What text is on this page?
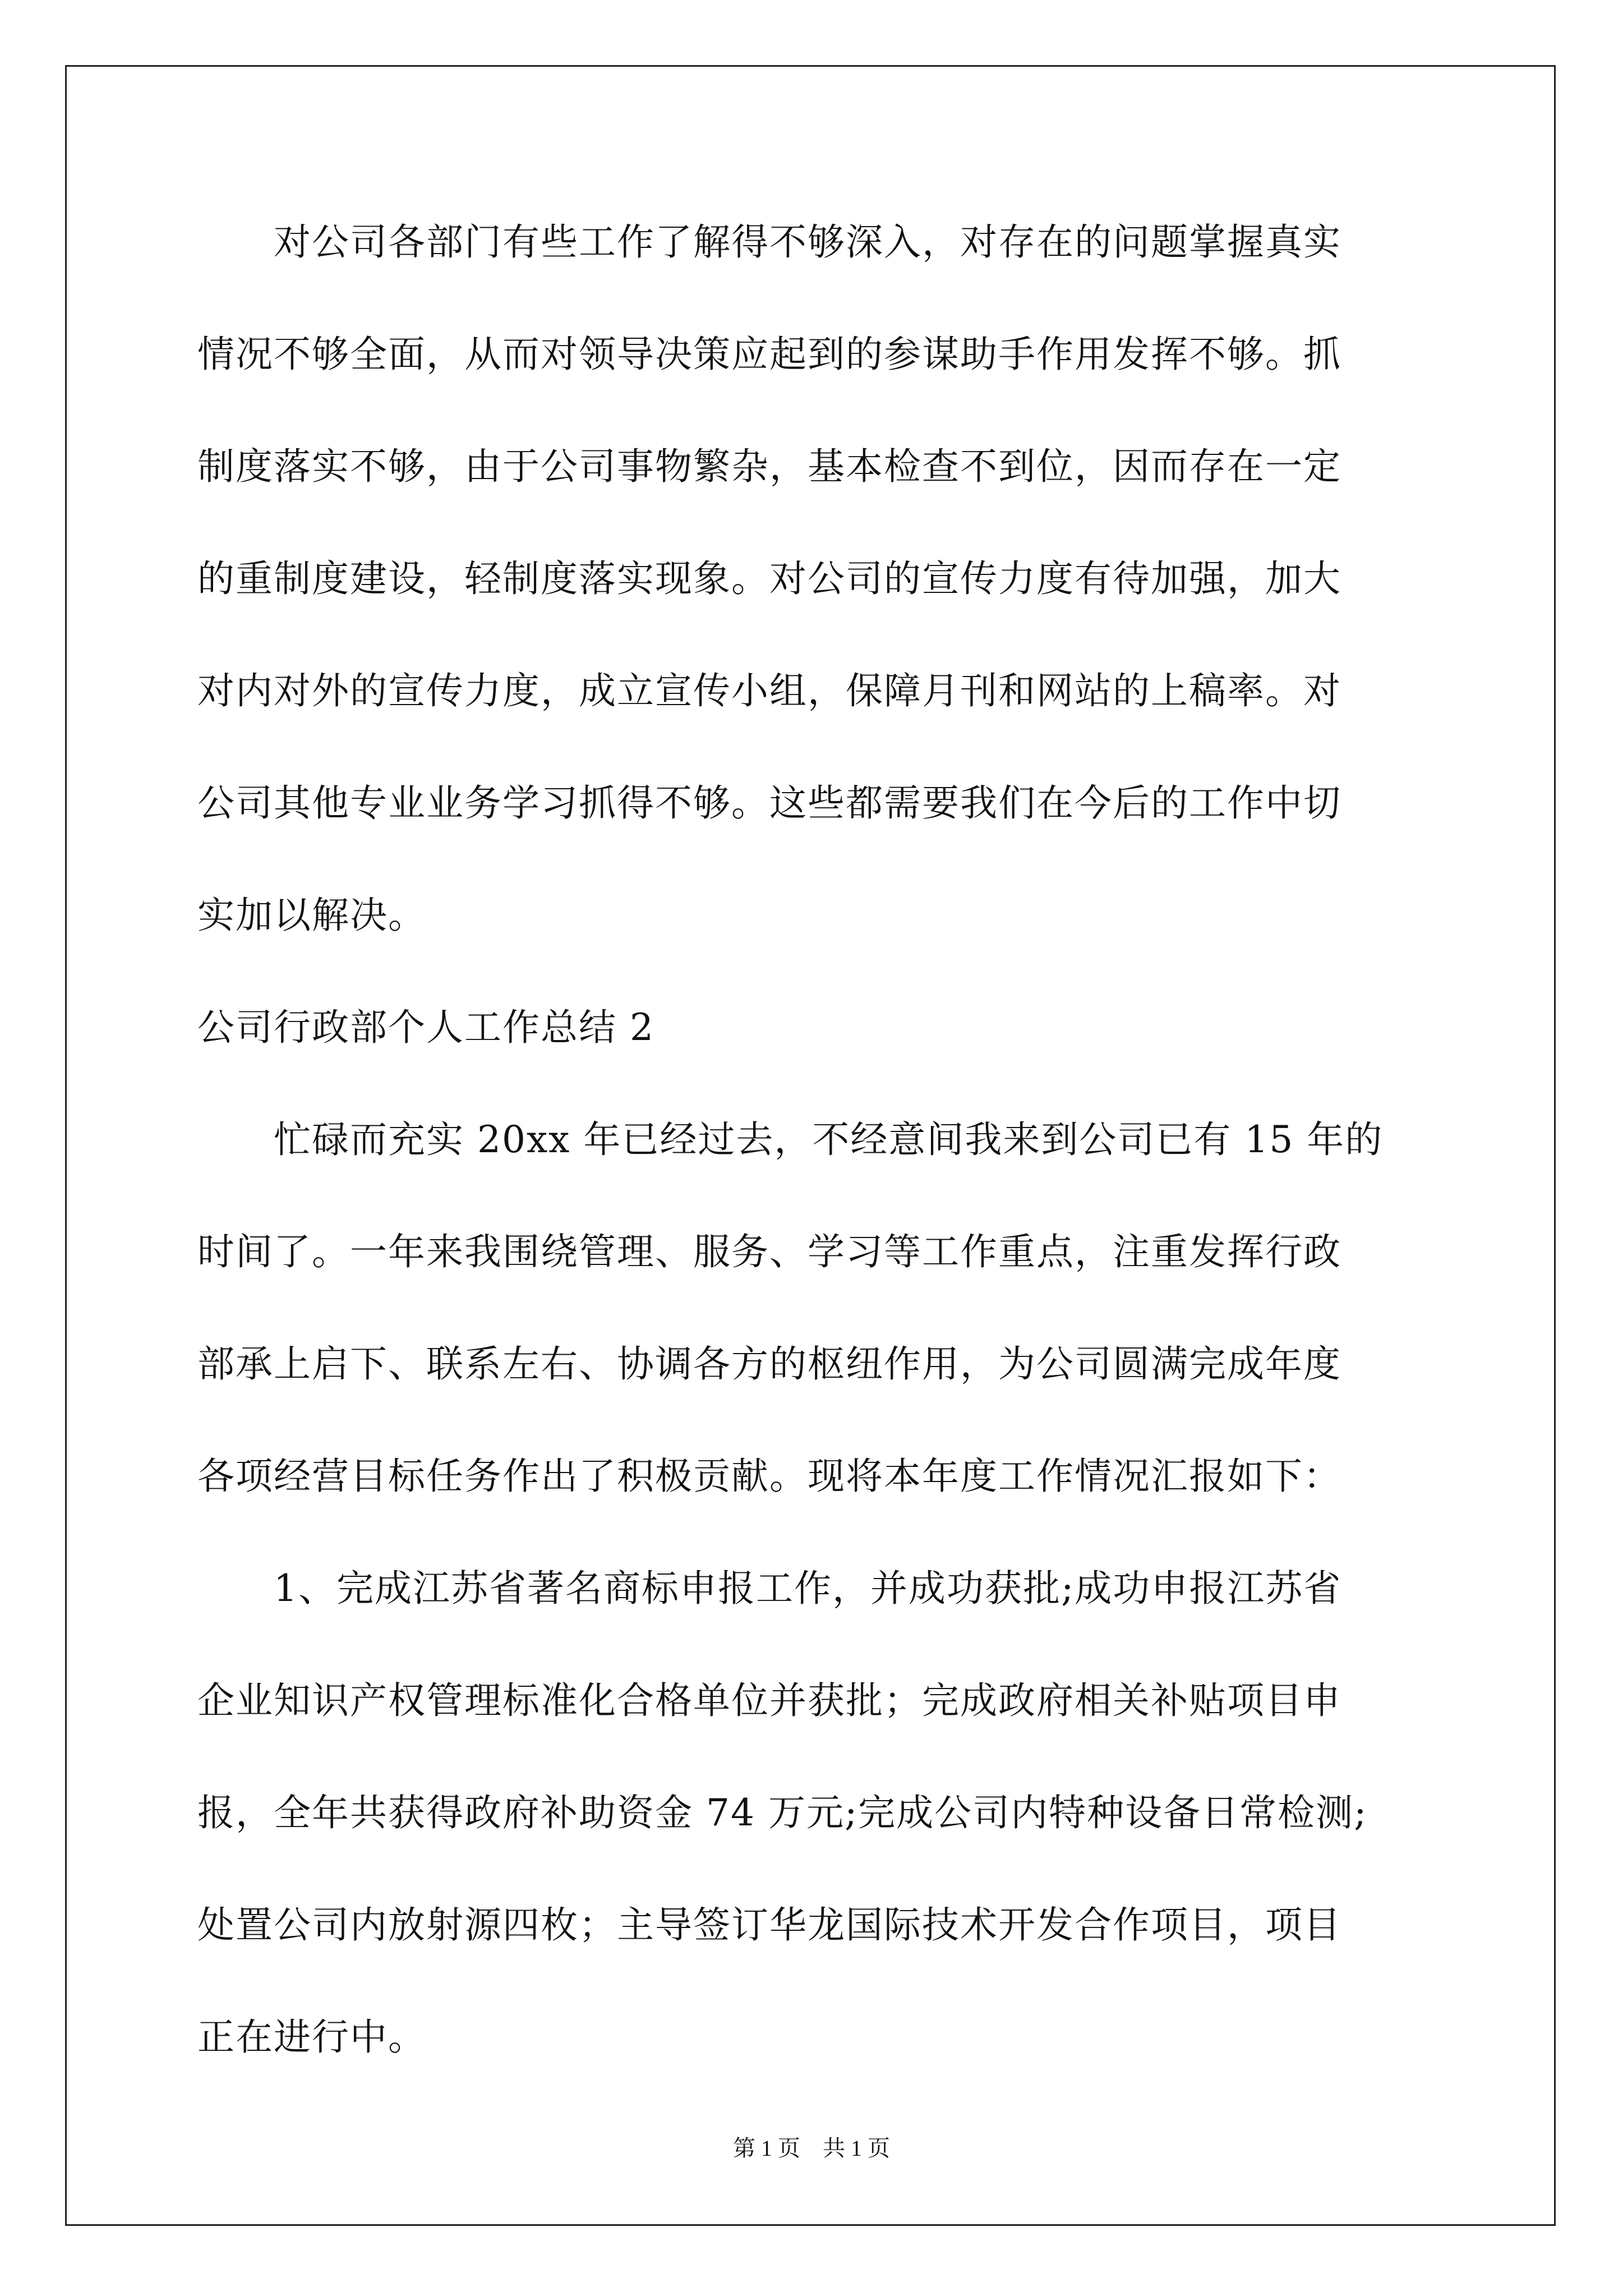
　　对公司各部门有些工作了解得不够深入，对存在的问题掌握真实
情况不够全面，从而对领导决策应起到的参谋助手作用发挥不够。抓
制度落实不够，由于公司事物繁杂，基本检查不到位，因而存在一定
的重制度建设，轻制度落实现象。对公司的宣传力度有待加强，加大
对内对外的宣传力度，成立宣传小组，保障月刊和网站的上稿率。对
公司其他专业业务学习抓得不够。这些都需要我们在今后的工作中切
实加以解决。
公司行政部个人工作总结 2
　　忙碌而充实 20xx 年已经过去，不经意间我来到公司已有 15 年的
时间了。一年来我围绕管理、服务、学习等工作重点，注重发挥行政
部承上启下、联系左右、协调各方的枢纽作用，为公司圆满完成年度
各项经营目标任务作出了积极贡献。现将本年度工作情况汇报如下：
　　1、完成江苏省著名商标申报工作，并成功获批;成功申报江苏省
企业知识产权管理标准化合格单位并获批；完成政府相关补贴项目申
报，全年共获得政府补助资金 74 万元;完成公司内特种设备日常检测;
处置公司内放射源四枚；主导签订华龙国际技术开发合作项目，项目
正在进行中。
第 1 页　共 1 页
